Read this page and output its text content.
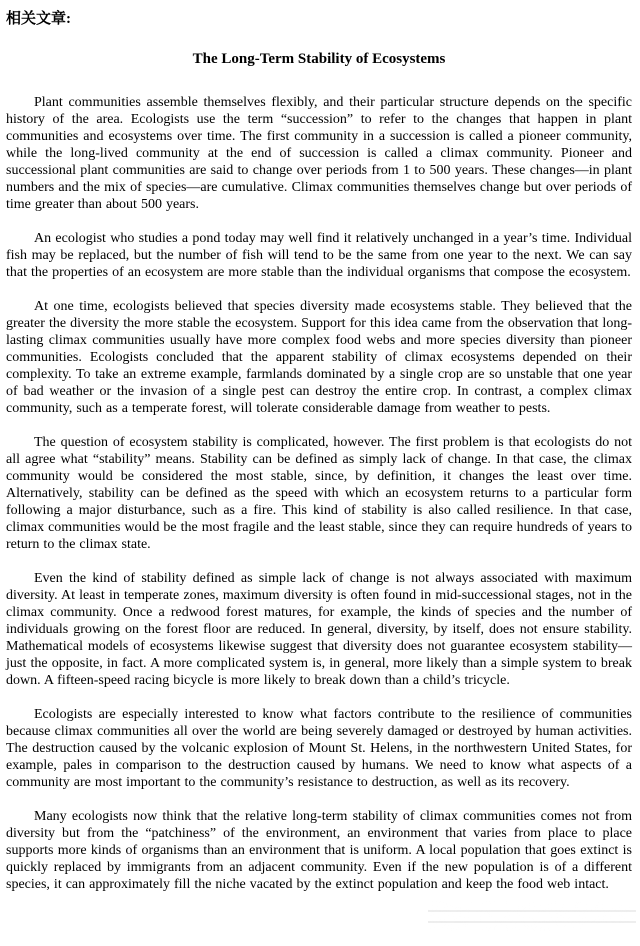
相关文章:
The Long-Term Stability of Ecosystems

Plant communities assemble themselves flexibly, and their particular structure depends on the specific history of the area. Ecologists use the term “succession” to refer to the changes that happen in plant communities and ecosystems over time. The first community in a succession is called a pioneer community, while the long-lived community at the end of succession is called a climax community. Pioneer and successional plant communities are said to change over periods from 1 to 500 years. These changes—in plant numbers and the mix of species—are cumulative. Climax communities themselves change but over periods of time greater than about 500 years.

An ecologist who studies a pond today may well find it relatively unchanged in a year’s time. Individual fish may be replaced, but the number of fish will tend to be the same from one year to the next. We can say that the properties of an ecosystem are more stable than the individual organisms that compose the ecosystem.

At one time, ecologists believed that species diversity made ecosystems stable. They believed that the greater the diversity the more stable the ecosystem. Support for this idea came from the observation that long-lasting climax communities usually have more complex food webs and more species diversity than pioneer communities. Ecologists concluded that the apparent stability of climax ecosystems depended on their complexity. To take an extreme example, farmlands dominated by a single crop are so unstable that one year of bad weather or the invasion of a single pest can destroy the entire crop. In contrast, a complex climax community, such as a temperate forest, will tolerate considerable damage from weather to pests.

The question of ecosystem stability is complicated, however. The first problem is that ecologists do not all agree what “stability” means. Stability can be defined as simply lack of change. In that case, the climax community would be considered the most stable, since, by definition, it changes the least over time. Alternatively, stability can be defined as the speed with which an ecosystem returns to a particular form following a major disturbance, such as a fire. This kind of stability is also called resilience. In that case, climax communities would be the most fragile and the least stable, since they can require hundreds of years to return to the climax state.

Even the kind of stability defined as simple lack of change is not always associated with maximum diversity. At least in temperate zones, maximum diversity is often found in mid-successional stages, not in the climax community. Once a redwood forest matures, for example, the kinds of species and the number of individuals growing on the forest floor are reduced. In general, diversity, by itself, does not ensure stability. Mathematical models of ecosystems likewise suggest that diversity does not guarantee ecosystem stability—just the opposite, in fact. A more complicated system is, in general, more likely than a simple system to break down. A fifteen-speed racing bicycle is more likely to break down than a child’s tricycle.

Ecologists are especially interested to know what factors contribute to the resilience of communities because climax communities all over the world are being severely damaged or destroyed by human activities. The destruction caused by the volcanic explosion of Mount St. Helens, in the northwestern United States, for example, pales in comparison to the destruction caused by humans. We need to know what aspects of a community are most important to the community’s resistance to destruction, as well as its recovery.

Many ecologists now think that the relative long-term stability of climax communities comes not from diversity but from the “patchiness” of the environment, an environment that varies from place to place supports more kinds of organisms than an environment that is uniform. A local population that goes extinct is quickly replaced by immigrants from an adjacent community. Even if the new population is of a different species, it can approximately fill the niche vacated by the extinct population and keep the food web intact.
